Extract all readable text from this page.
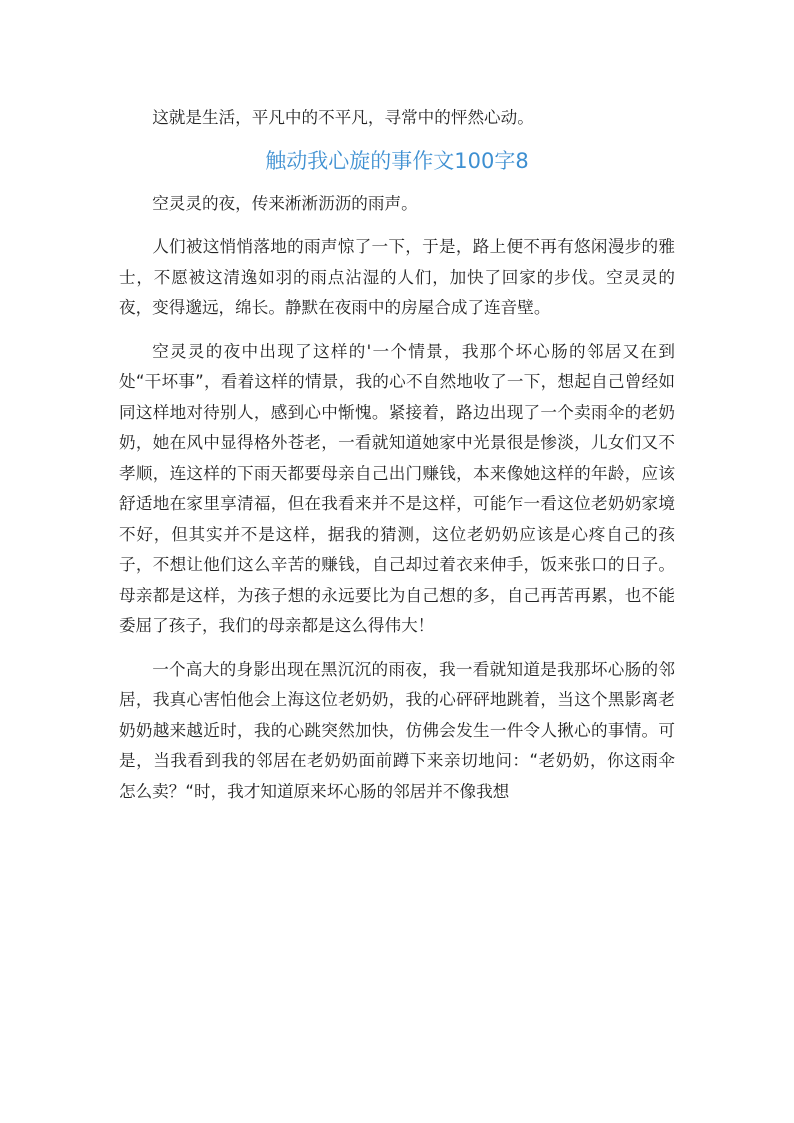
这就是生活，平凡中的不平凡，寻常中的怦然心动。

触动我心旋的事作文100字8

空灵灵的夜，传来淅淅沥沥的雨声。

人们被这悄悄落地的雨声惊了一下，于是，路上便不再有悠闲漫步的雅士，不愿被这清逸如羽的雨点沾湿的人们，加快了回家的步伐。空灵灵的夜，变得邈远，绵长。静默在夜雨中的房屋合成了连音壁。

空灵灵的夜中出现了这样的'一个情景，我那个坏心肠的邻居又在到处“干坏事”，看着这样的情景，我的心不自然地收了一下，想起自己曾经如同这样地对待别人，感到心中惭愧。紧接着，路边出现了一个卖雨伞的老奶奶，她在风中显得格外苍老，一看就知道她家中光景很是惨淡，儿女们又不孝顺，连这样的下雨天都要母亲自己出门赚钱，本来像她这样的年龄，应该舒适地在家里享清福，但在我看来并不是这样，可能乍一看这位老奶奶家境不好，但其实并不是这样，据我的猜测，这位老奶奶应该是心疼自己的孩子，不想让他们这么辛苦的赚钱，自己却过着衣来伸手，饭来张口的日子。母亲都是这样，为孩子想的永远要比为自己想的多，自己再苦再累，也不能委屈了孩子，我们的母亲都是这么得伟大！

一个高大的身影出现在黑沉沉的雨夜，我一看就知道是我那坏心肠的邻居，我真心害怕他会上海这位老奶奶，我的心砰砰地跳着，当这个黑影离老奶奶越来越近时，我的心跳突然加快，仿佛会发生一件令人揪心的事情。可是，当我看到我的邻居在老奶奶面前蹲下来亲切地问：“老奶奶，你这雨伞怎么卖？“时，我才知道原来坏心肠的邻居并不像我想
